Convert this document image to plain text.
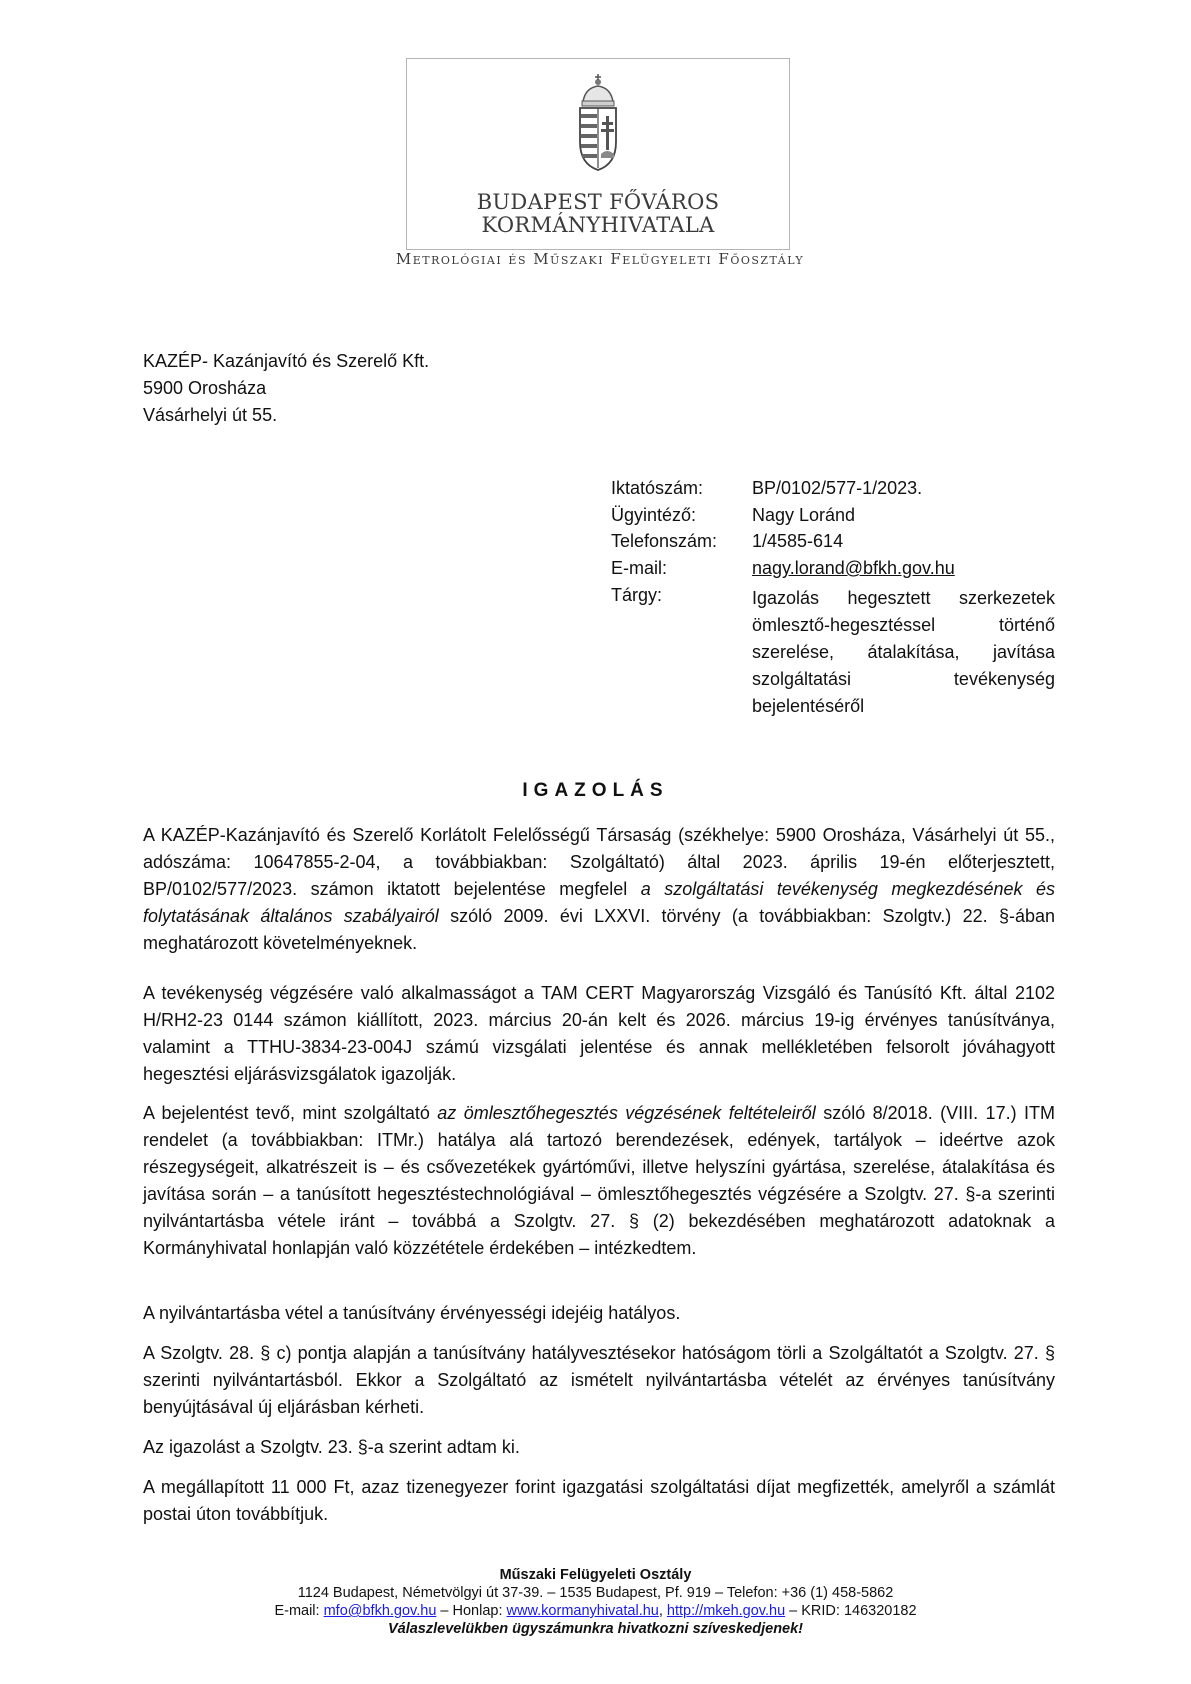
BUDAPEST FŐVÁROS
KORMÁNYHIVATALA
Metrológiai és Műszaki Felügyeleti Főosztály
KAZÉP- Kazánjavító és Szerelő Kft.
5900 Orosháza
Vásárhelyi út 55.
Iktatószám:	BP/0102/577-1/2023.
Ügyintéző:	Nagy Loránd
Telefonszám: 1/4585-614
E-mail:	nagy.lorand@bfkh.gov.hu
Tárgy:	Igazolás hegesztett szerkezetek ömlesztő-hegesztéssel történő szerelése, átalakítása, javítása szolgáltatási tevékenység bejelentéséről
IGAZOLÁS
A KAZÉP-Kazánjavító és Szerelő Korlátolt Felelősségű Társaság (székhelye: 5900 Orosháza, Vásárhelyi út 55., adószáma: 10647855-2-04, a továbbiakban: Szolgáltató) által 2023. április 19-én előterjesztett, BP/0102/577/2023. számon iktatott bejelentése megfelel a szolgáltatási tevékenység megkezdésének és folytatásának általános szabályairól szóló 2009. évi LXXVI. törvény (a továbbiakban: Szolgtv.) 22. §-ában meghatározott követelményeknek.
A tevékenység végzésére való alkalmasságot a TAM CERT Magyarország Vizsgáló és Tanúsító Kft. által 2102 H/RH2-23 0144 számon kiállított, 2023. március 20-án kelt és 2026. március 19-ig érvényes tanúsítványa, valamint a TTHU-3834-23-004J számú vizsgálati jelentése és annak mellékletében felsorolt jóváhagyott hegesztési eljárásvizsgálatok igazolják.
A bejelentést tevő, mint szolgáltató az ömlesztőhegesztés végzésének feltételeiről szóló 8/2018. (VIII. 17.) ITM rendelet (a továbbiakban: ITMr.) hatálya alá tartozó berendezések, edények, tartályok – ideértve azok részegységeit, alkatrészeit is – és csővezetékek gyártóművi, illetve helyszíni gyártása, szerelése, átalakítása és javítása során – a tanúsított hegesztéstechnológiával – ömlesztőhegesztés végzésére a Szolgtv. 27. §-a szerinti nyilvántartásba vétele iránt – továbbá a Szolgtv. 27. § (2) bekezdésében meghatározott adatoknak a Kormányhivatal honlapján való közzététele érdekében – intézkedtem.
A nyilvántartásba vétel a tanúsítvány érvényességi idejéig hatályos.
A Szolgtv. 28. § c) pontja alapján a tanúsítvány hatályvesztésekor hatóságom törli a Szolgáltatót a Szolgtv. 27. § szerinti nyilvántartásból. Ekkor a Szolgáltató az ismételt nyilvántartásba vételét az érvényes tanúsítvány benyújtásával új eljárásban kérheti.
Az igazolást a Szolgtv. 23. §-a szerint adtam ki.
A megállapított 11 000 Ft, azaz tizenegyezer forint igazgatási szolgáltatási díjat megfizették, amelyről a számlát postai úton továbbítjuk.
Műszaki Felügyeleti Osztály
1124 Budapest, Németvölgyi út 37-39. – 1535 Budapest, Pf. 919 – Telefon: +36 (1) 458-5862
E-mail: mfo@bfkh.gov.hu – Honlap: www.kormanyhivatal.hu, http://mkeh.gov.hu – KRID: 146320182
Válaszlevelükben ügyszámunkra hivatkozni szíveskedjenek!
